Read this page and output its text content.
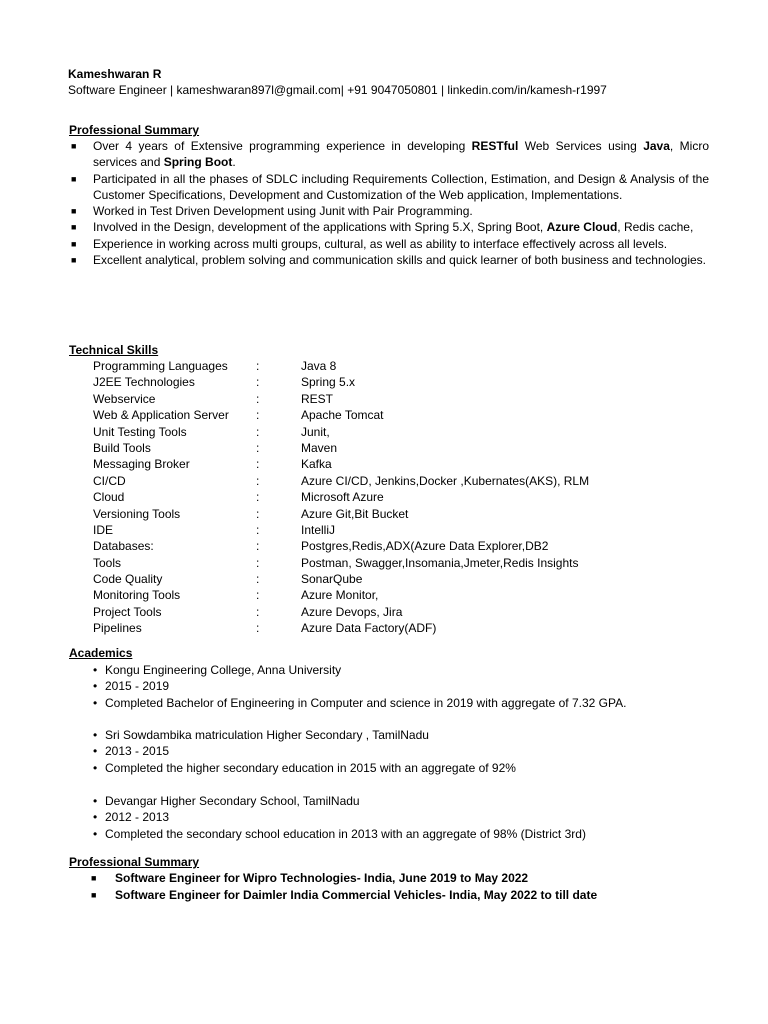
Kameshwaran R
Software Engineer | kameshwaran897l@gmail.com| +91 9047050801 | linkedin.com/in/kamesh-r1997
Professional Summary
■ Over 4 years of Extensive programming experience in developing RESTful Web Services using Java, Micro services and Spring Boot.
■ Participated in all the phases of SDLC including Requirements Collection, Estimation, and Design & Analysis of the Customer Specifications, Development and Customization of the Web application, Implementations.
■ Worked in Test Driven Development using Junit with Pair Programming.
■ Involved in the Design, development of the applications with Spring 5.X, Spring Boot, Azure Cloud, Redis cache,
■ Experience in working across multi groups, cultural, as well as ability to interface effectively across all levels.
■ Excellent analytical, problem solving and communication skills and quick learner of both business and technologies.
Technical Skills
Programming Languages	:	Java 8
J2EE Technologies	:	Spring 5.x
Webservice	:	REST
Web & Application Server	:	Apache Tomcat
Unit Testing Tools	:	Junit,
Build Tools	:	Maven
Messaging Broker	:	Kafka
CI/CD	:	Azure CI/CD, Jenkins,Docker ,Kubernates(AKS), RLM
Cloud	:	Microsoft Azure
Versioning Tools	:	Azure Git,Bit Bucket
IDE	:	IntelliJ
Databases:	:	Postgres,Redis,ADX(Azure Data Explorer,DB2
Tools	:	Postman, Swagger,Insomania,Jmeter,Redis Insights
Code Quality	:	SonarQube
Monitoring Tools	:	Azure Monitor,
Project Tools	:	Azure Devops, Jira
Pipelines	:	Azure Data Factory(ADF)
Academics
• Kongu Engineering College, Anna University
• 2015 - 2019
• Completed Bachelor of Engineering in Computer and science in 2019 with aggregate of 7.32 GPA.
• Sri Sowdambika matriculation Higher Secondary , TamilNadu
• 2013 - 2015
• Completed the higher secondary education in 2015 with an aggregate of 92%
• Devangar Higher Secondary School, TamilNadu
• 2012 - 2013
• Completed the secondary school education in 2013 with an aggregate of 98% (District 3rd)
Professional Summary
■ Software Engineer for Wipro Technologies- India, June 2019 to May 2022
■ Software Engineer for Daimler India Commercial Vehicles- India, May 2022 to till date
